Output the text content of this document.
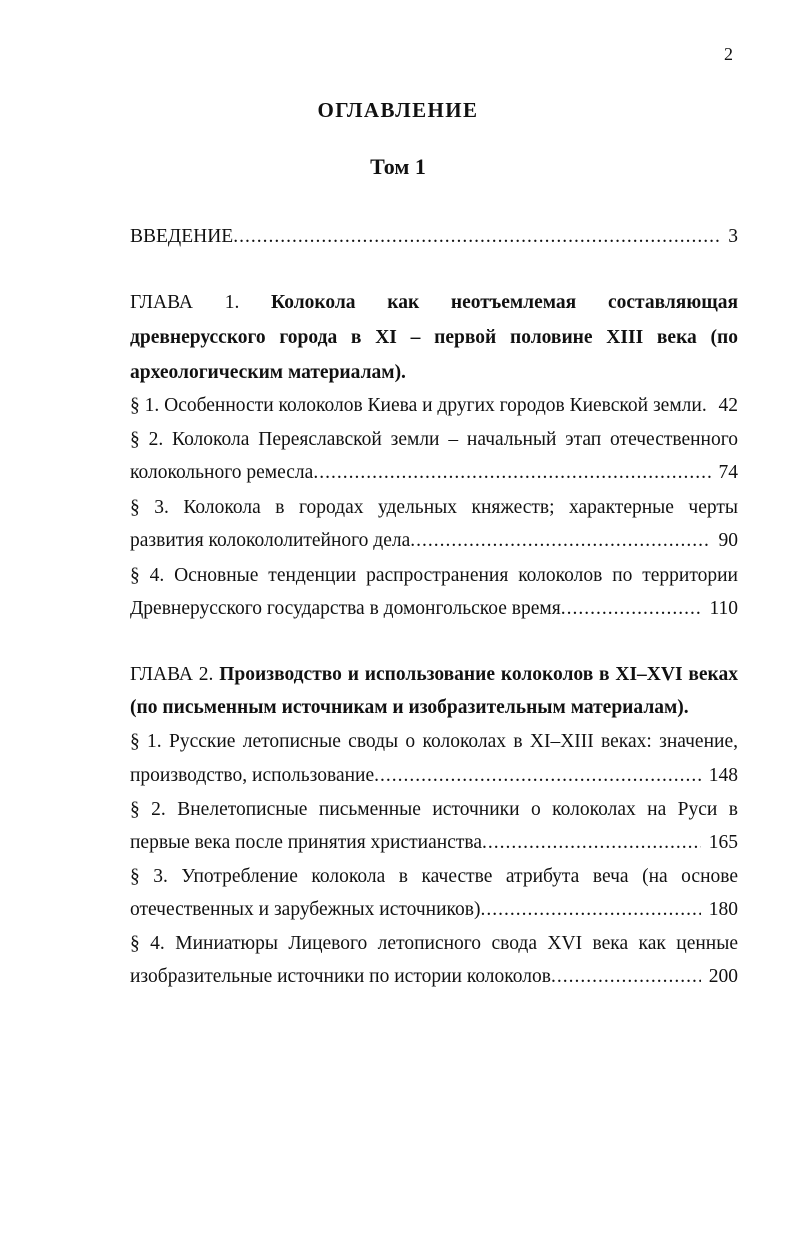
2
ОГЛАВЛЕНИЕ
Том 1
ВВЕДЕНИЕ .....	3
ГЛАВА 1. Колокола как неотъемлемая составляющая
древнерусского города в XI – первой половине XIII века (по
археологическим материалам).
§ 1. Особенности колоколов Киева и других городов Киевской земли. 42
§ 2. Колокола Переяславской земли – начальный этап отечественного
колокольного ремесла .....	74
§ 3. Колокола в городах удельных княжеств; характерные черты
развития колокололитейного дела .....	90
§ 4. Основные тенденции распространения колоколов по территории
Древнерусского государства в домонгольское время .....	110
ГЛАВА 2. Производство и использование колоколов в XI–XVI веках
(по письменным источникам и изобразительным материалам).
§ 1. Русские летописные своды о колоколах в XI–XIII веках: значение,
производство, использование .....	148
§ 2. Внелетописные письменные источники о колоколах на Руси в
первые века после принятия христианства .....	165
§ 3. Употребление колокола в качестве атрибута веча (на основе
отечественных и зарубежных источников) .....	180
§ 4. Миниатюры Лицевого летописного свода XVI века как ценные
изобразительные источники по истории колоколов .....	200
